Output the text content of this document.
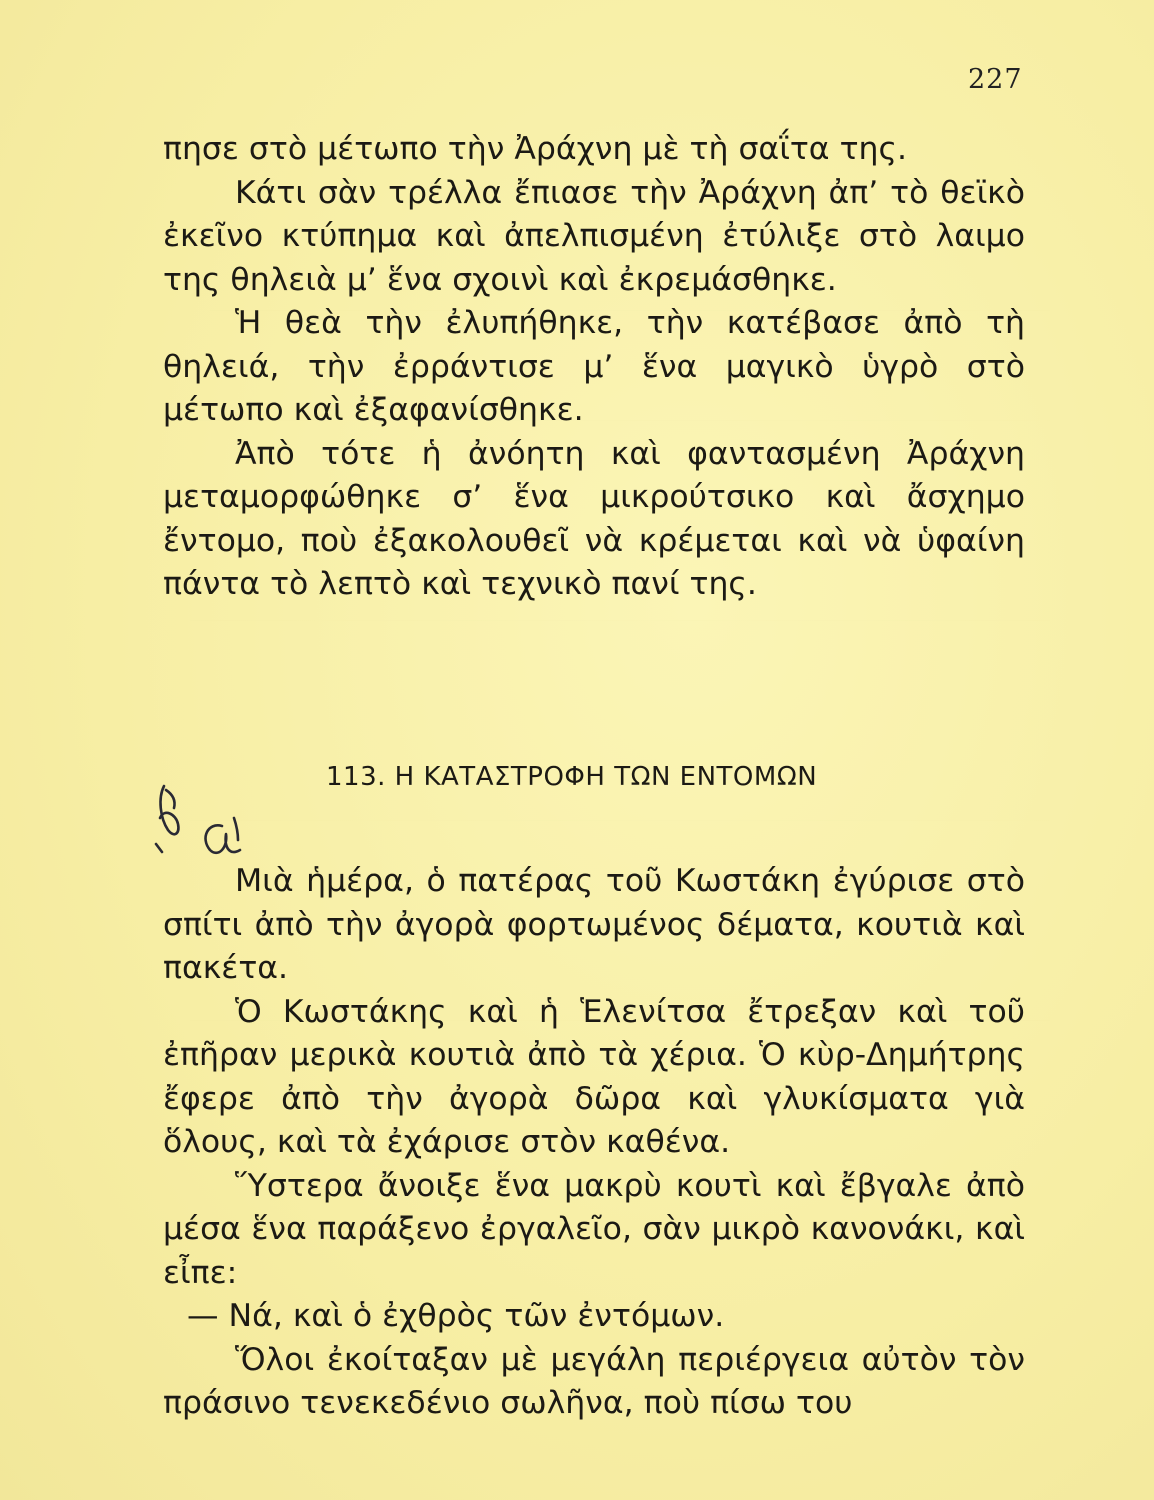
227

πησε στὸ μέτωπο τὴν Ἀράχνη μὲ τὴ σαΐτα της.

Κάτι σὰν τρέλλα ἔπιασε τὴν Ἀράχνη ἀπ’ τὸ θεϊκὸ ἐκεῖνο κτύπημα καὶ ἀπελπισμένη ἐτύλιξε στὸ λαιμο της θηλειὰ μ’ ἕνα σχοινὶ καὶ ἐκρεμάσθηκε.

Ἡ θεὰ τὴν ἐλυπήθηκε, τὴν κατέβασε ἀπὸ τὴ θηλειά, τὴν ἐρράντισε μ’ ἕνα μαγικὸ ὑγρὸ στὸ μέτωπο καὶ ἐξαφανίσθηκε.

Ἀπὸ τότε ἡ ἀνόητη καὶ φαντασμένη Ἀράχνη μεταμορφώθηκε σ’ ἕνα μικρούτσικο καὶ ἄσχημο ἔντομο, ποὺ ἐξακολουθεῖ νὰ κρέμεται καὶ νὰ ὑφαίνη πάντα τὸ λεπτὸ καὶ τεχνικὸ πανί της.

113. Η ΚΑΤΑΣΤΡΟΦΗ ΤΩΝ ΕΝΤΟΜΩΝ

Μιὰ ἡμέρα, ὁ πατέρας τοῦ Κωστάκη ἐγύρισε στὸ σπίτι ἀπὸ τὴν ἀγορὰ φορτωμένος δέματα, κουτιὰ καὶ πακέτα.

Ὁ Κωστάκης καὶ ἡ Ἑλενίτσα ἔτρεξαν καὶ τοῦ ἐπῆραν μερικὰ κουτιὰ ἀπὸ τὰ χέρια. Ὁ κὺρ-Δημήτρης ἔφερε ἀπὸ τὴν ἀγορὰ δῶρα καὶ γλυκίσματα γιὰ ὅλους, καὶ τὰ ἐχάρισε στὸν καθένα.

Ὕστερα ἄνοιξε ἕνα μακρὺ κουτὶ καὶ ἔβγαλε ἀπὸ μέσα ἕνα παράξενο ἐργαλεῖο, σὰν μικρὸ κανονάκι, καὶ εἶπε:

— Νά, καὶ ὁ ἐχθρὸς τῶν ἐντόμων.

Ὅλοι ἐκοίταξαν μὲ μεγάλη περιέργεια αὐτὸν τὸν πράσινο τενεκεδένιο σωλῆνα, ποὺ πίσω του
